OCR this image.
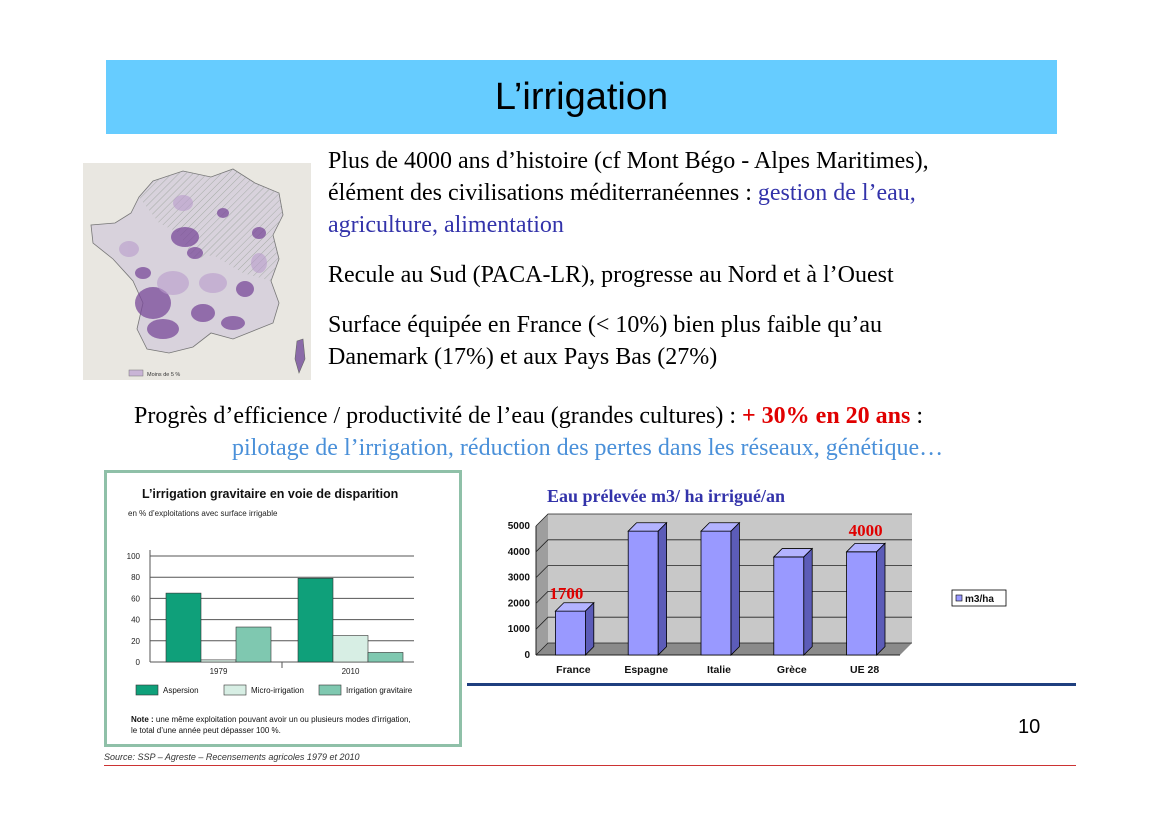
L’irrigation
Moins de 5 %
Plus de 4000 ans d’histoire (cf Mont Bégo - Alpes Maritimes),
élément des civilisations méditerranéennes : gestion de l’eau,
agriculture, alimentation
Recule au Sud (PACA-LR), progresse au Nord et à l’Ouest
Surface équipée en France (< 10%) bien plus faible qu’au
Danemark (17%) et aux Pays Bas (27%)
Progrès d’efficience / productivité de l’eau (grandes cultures) : + 30% en 20 ans :
pilotage de l’irrigation, réduction des pertes dans les réseaux, génétique…
L’irrigation gravitaire en voie de disparition
en % d’exploitations avec surface irrigable
0
20
40
60
80
100
1979	2010
Aspersion	Micro-irrigation	Irrigation gravitaire
Note : une même exploitation pouvant avoir un ou plusieurs modes d’irrigation,
le total d’une année peut dépasser 100 %.
Source: SSP – Agreste – Recensements agricoles 1979 et 2010
Eau prélevée m3/ ha irrigué/an
1700
4000
0
1000
2000
3000
4000
5000
France	Espagne	Italie	Grèce	UE 28
m3/ha
10
